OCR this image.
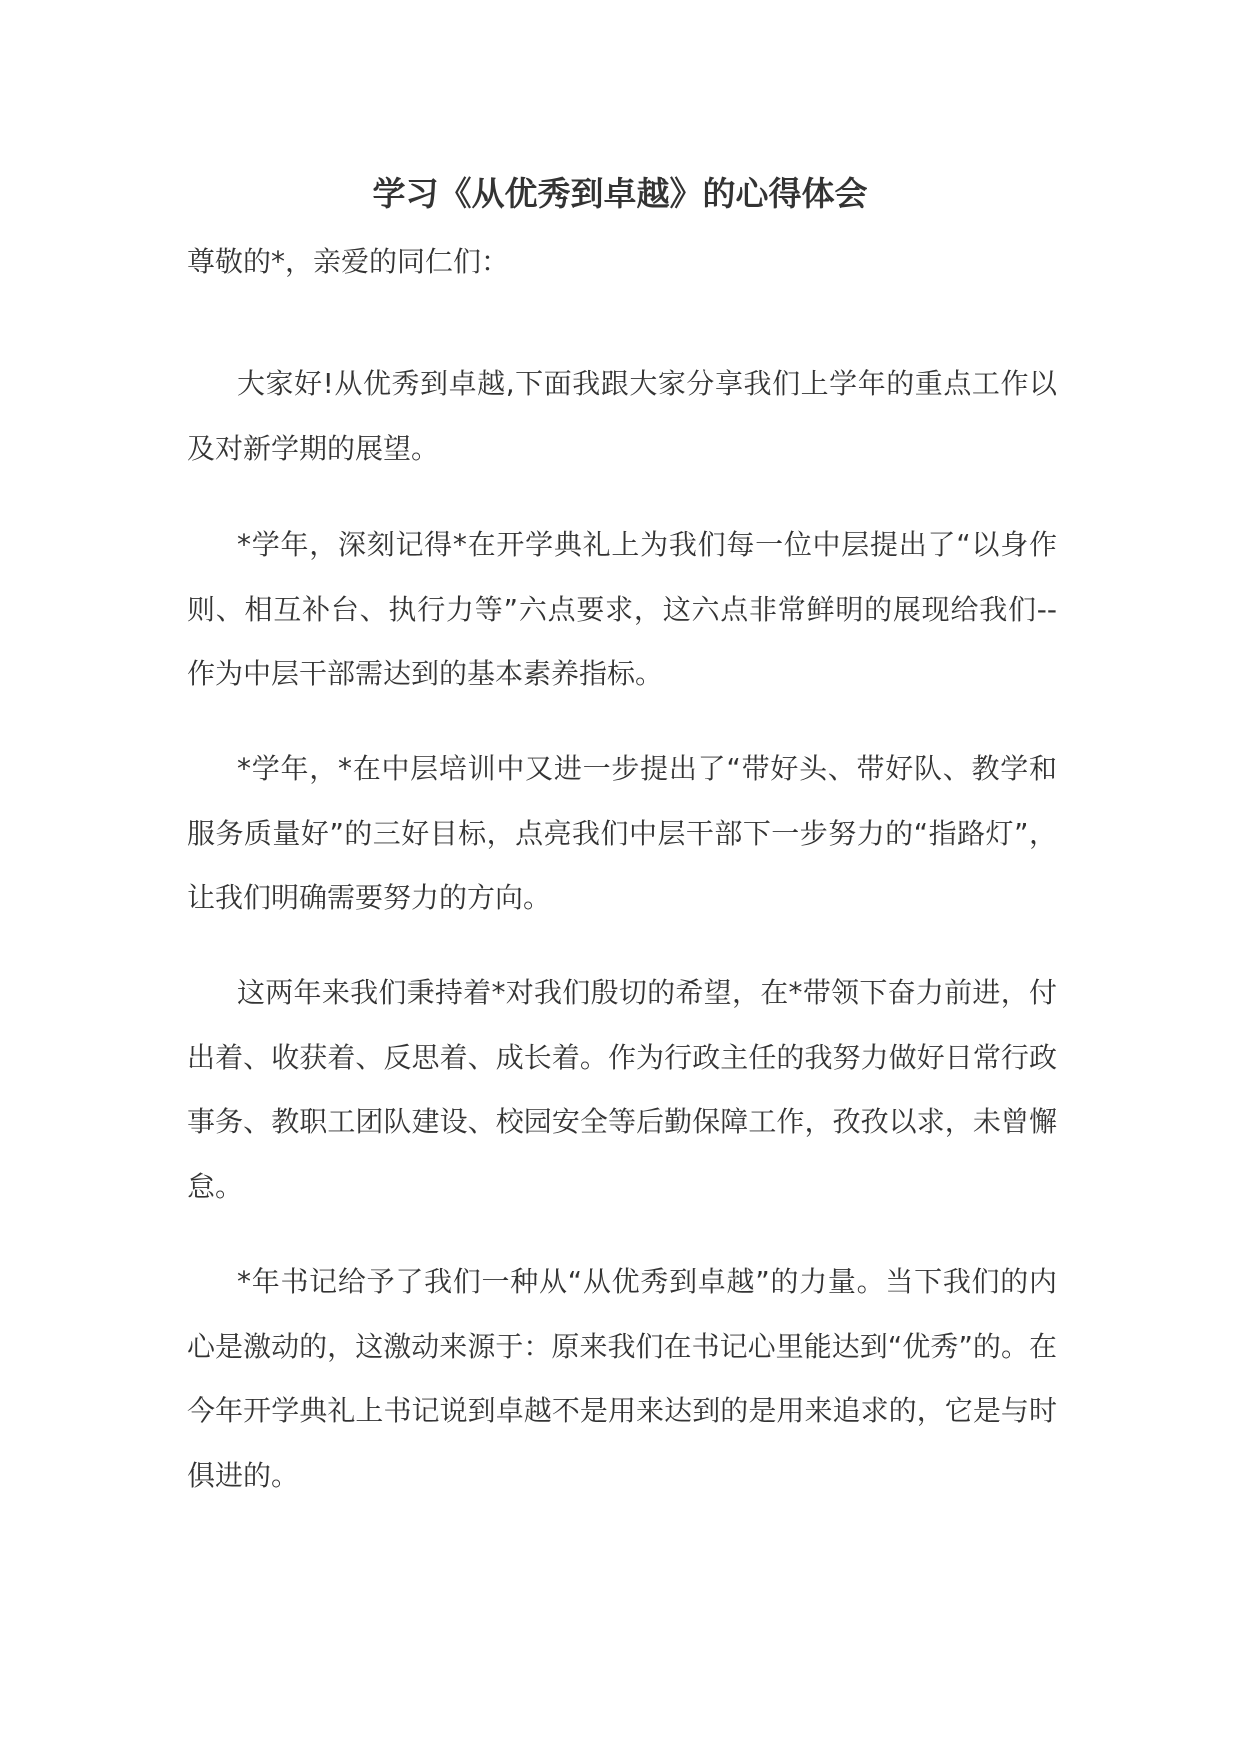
学习《从优秀到卓越》的心得体会
尊敬的*，亲爱的同仁们：

大家好!从优秀到卓越,下面我跟大家分享我们上学年的重点工作以及对新学期的展望。

*学年，深刻记得*在开学典礼上为我们每一位中层提出了“以身作则、相互补台、执行力等”六点要求，这六点非常鲜明的展现给我们--作为中层干部需达到的基本素养指标。

*学年，*在中层培训中又进一步提出了“带好头、带好队、教学和服务质量好”的三好目标，点亮我们中层干部下一步努力的“指路灯”，让我们明确需要努力的方向。

这两年来我们秉持着*对我们殷切的希望，在*带领下奋力前进，付出着、收获着、反思着、成长着。作为行政主任的我努力做好日常行政事务、教职工团队建设、校园安全等后勤保障工作，孜孜以求，未曾懈怠。

*年书记给予了我们一种从“从优秀到卓越”的力量。当下我们的内心是激动的，这激动来源于：原来我们在书记心里能达到“优秀”的。在今年开学典礼上书记说到卓越不是用来达到的是用来追求的，它是与时俱进的。
